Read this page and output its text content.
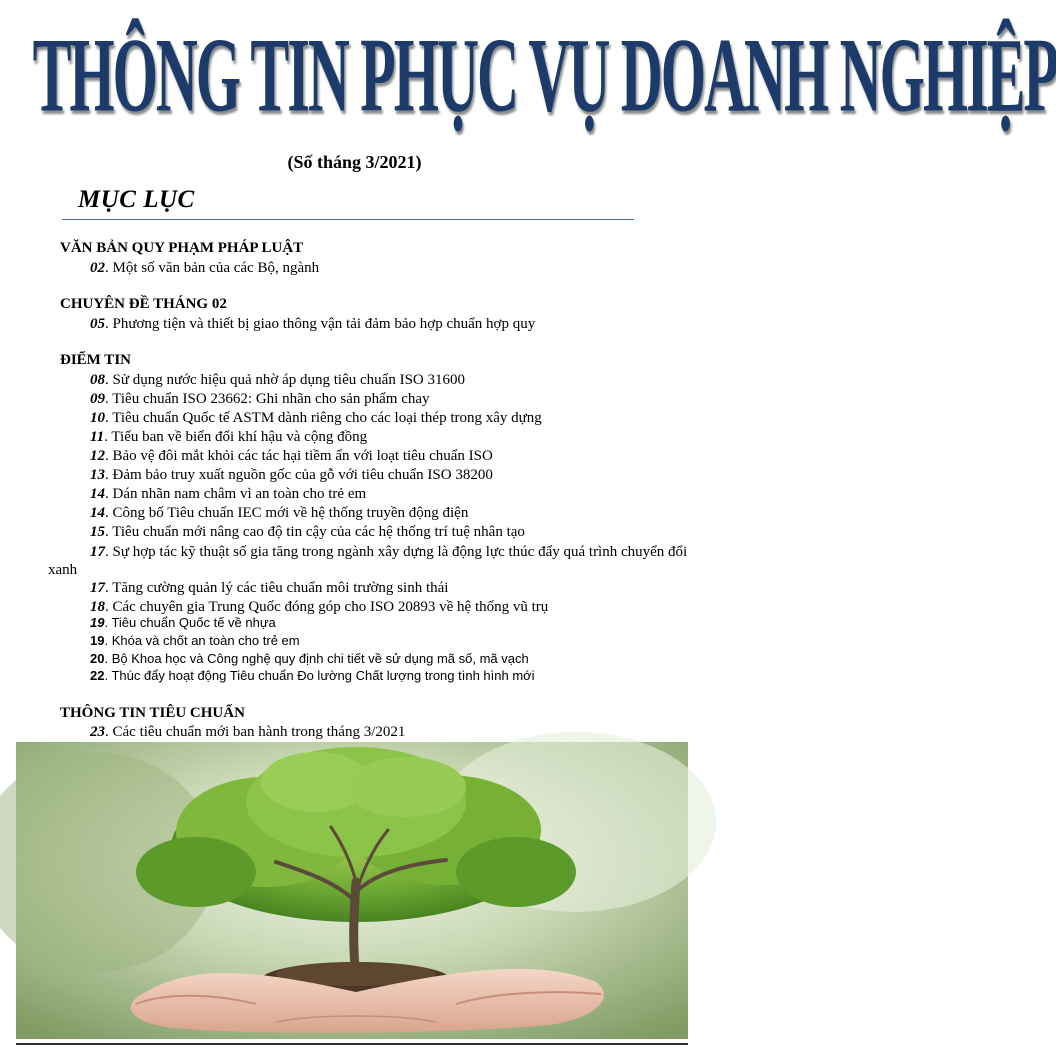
THÔNG TIN PHỤC VỤ DOANH NGHIỆP
(Số tháng 3/2021)
MỤC LỤC
VĂN BẢN QUY PHẠM PHÁP LUẬT
02. Một số văn bản của các Bộ, ngành
CHUYÊN ĐỀ THÁNG 02
05. Phương tiện và thiết bị giao thông vận tải đảm bảo hợp chuẩn hợp quy
ĐIỂM TIN
08. Sử dụng nước hiệu quả nhờ áp dụng tiêu chuẩn ISO 31600
09. Tiêu chuẩn ISO 23662: Ghi nhãn cho sản phẩm chay
10. Tiêu chuẩn Quốc tế ASTM dành riêng cho các loại thép trong xây dựng
11. Tiểu ban về biến đổi khí hậu và cộng đồng
12. Bảo vệ đôi mắt khỏi các tác hại tiềm ẩn với loạt tiêu chuẩn ISO
13. Đảm bảo truy xuất nguồn gốc của gỗ với tiêu chuẩn ISO 38200
14. Dán nhãn nam châm vì an toàn cho trẻ em
14. Công bố Tiêu chuẩn IEC mới về hệ thống truyền động điện
15. Tiêu chuẩn mới nâng cao độ tin cậy của các hệ thống trí tuệ nhân tạo
17. Sự hợp tác kỹ thuật số gia tăng trong ngành xây dựng là động lực thúc đẩy quá trình chuyển đổi xanh
17. Tăng cường quản lý các tiêu chuẩn môi trường sinh thái
18. Các chuyên gia Trung Quốc đóng góp cho ISO 20893 về hệ thống vũ trụ
19. Tiêu chuẩn Quốc tế về nhựa
19. Khóa và chốt an toàn cho trẻ em
20. Bộ Khoa học và Công nghệ quy định chi tiết về sử dụng mã số, mã vạch
22. Thúc đẩy hoạt động Tiêu chuẩn Đo lường Chất lượng trong tình hình mới
THÔNG TIN TIÊU CHUẨN
23. Các tiêu chuẩn mới ban hành trong tháng 3/2021
